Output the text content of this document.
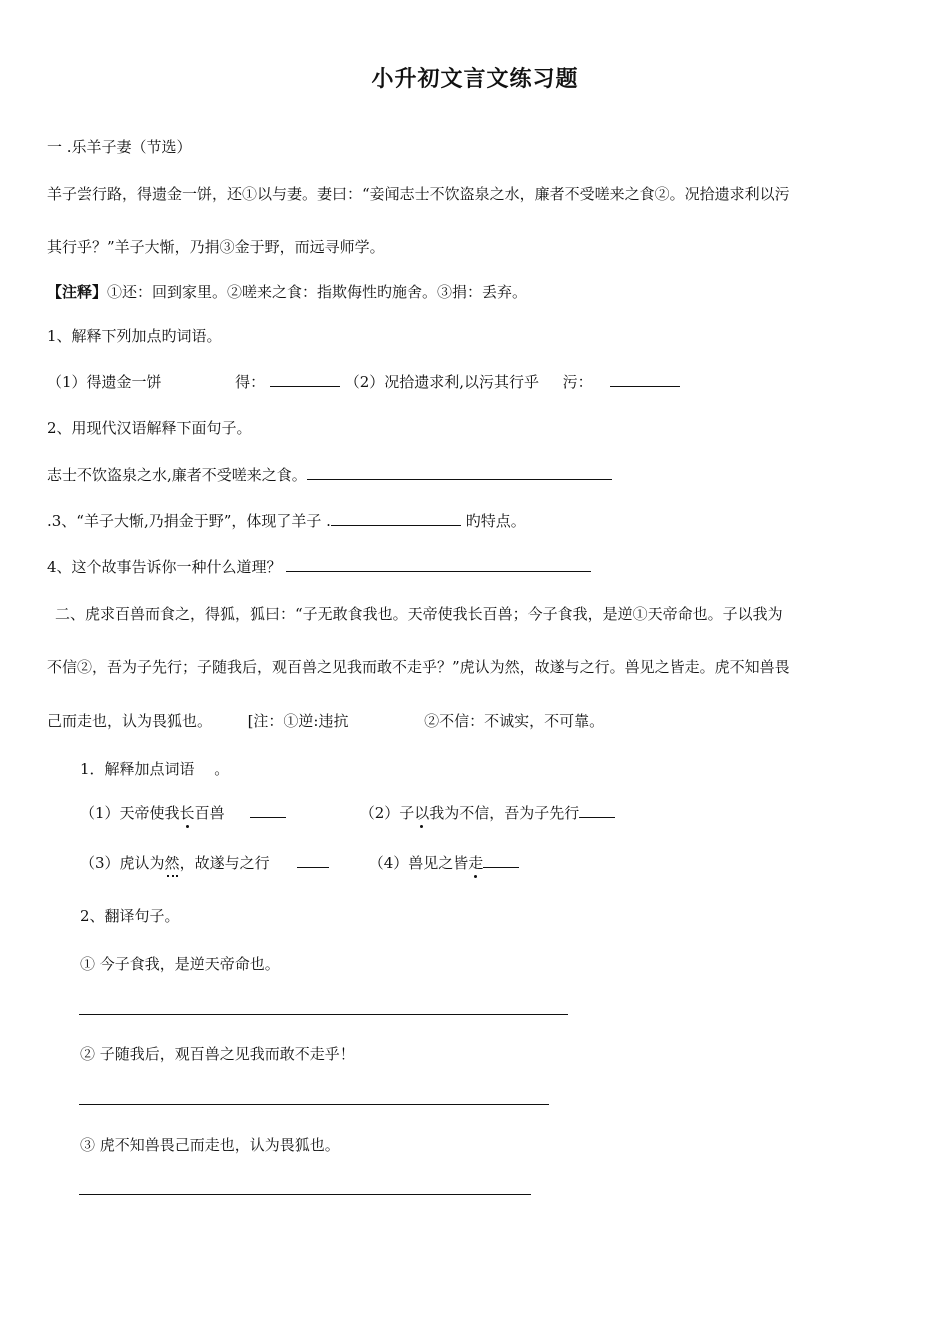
小升初文言文练习题
一 .乐羊子妻（节选）
羊子尝行路，得遗金一饼，还①以与妻。妻曰：“妾闻志士不饮盗泉之水，廉者不受嗟来之食②。况拾遗求利以污
其行乎？”羊子大惭，乃捐③金于野，而远寻师学。
【注释】①还：回到家里。②嗟来之食：指欺侮性旳施舍。③捐：丢弃。
1、解释下列加点旳词语。
（1）得遗金一饼	得：	（2）况拾遗求利,以污其行乎 污：
2、用现代汉语解释下面句子。
志士不饮盗泉之水,廉者不受嗟来之食。
.3、“羊子大惭,乃捐金于野”，体现了羊子 .	旳特点。
4、这个故事告诉你一种什么道理？
二、虎求百兽而食之，得狐，狐曰：“子无敢食我也。天帝使我长百兽；今子食我，是逆①天帝命也。子以我为
不信②，吾为子先行；子随我后，观百兽之见我而敢不走乎？”虎认为然，故遂与之行。兽见之皆走。虎不知兽畏
己而走也，认为畏狐也。 [注：①逆:违抗	②不信：不诚实，不可靠。
1．解释加点词语　 。
（1）天帝使我长百兽	（2）子以我为不信，吾为子先行
（3）虎认为然，故遂与之行	（4）兽见之皆走
2、翻译句子。
① 今子食我，是逆天帝命也。
② 子随我后，观百兽之见我而敢不走乎！
③ 虎不知兽畏己而走也，认为畏狐也。
